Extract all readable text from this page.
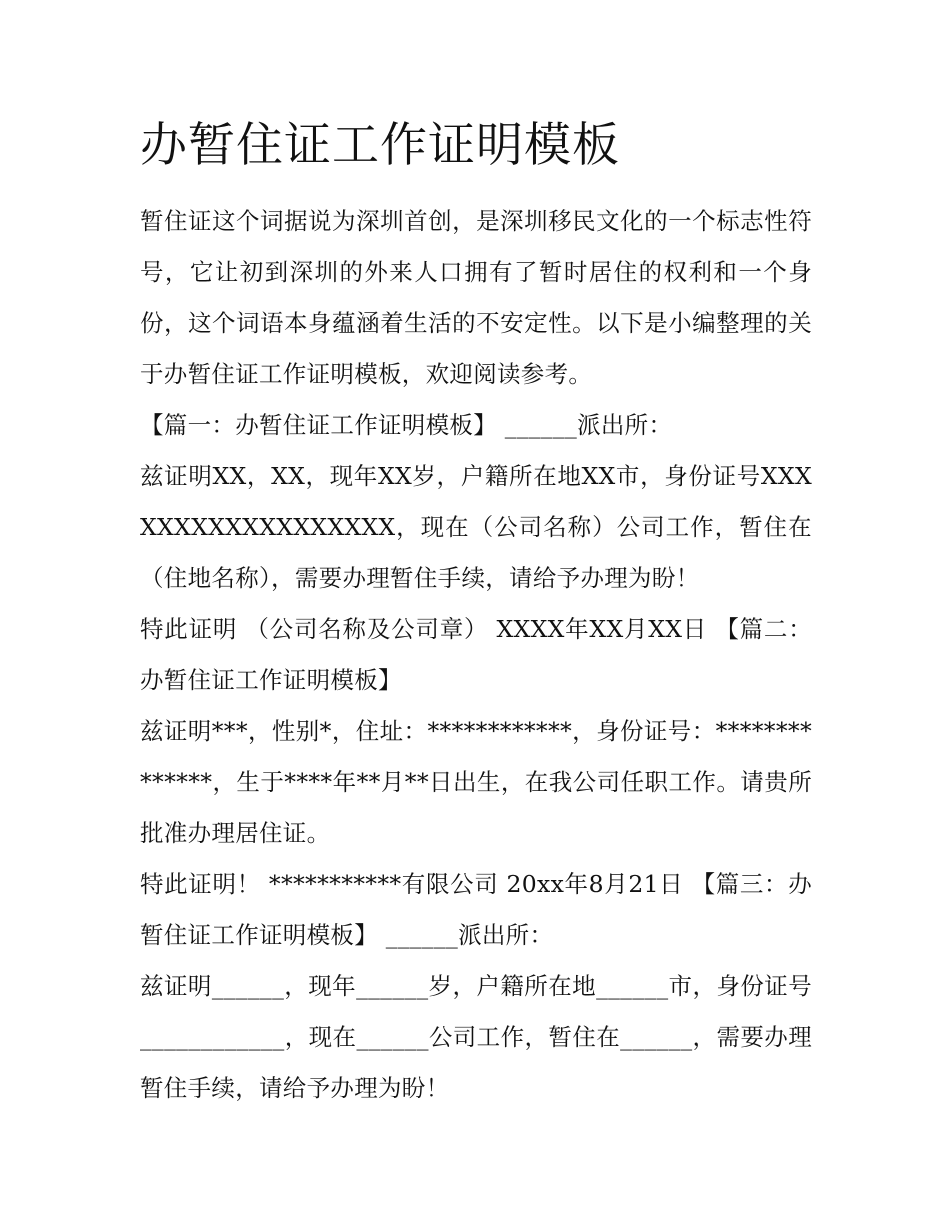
办暂住证工作证明模板

暂住证这个词据说为深圳首创，是深圳移民文化的一个标志性符号，它让初到深圳的外来人口拥有了暂时居住的权利和一个身份，这个词语本身蕴涵着生活的不安定性。以下是小编整理的关于办暂住证工作证明模板，欢迎阅读参考。

【篇一：办暂住证工作证明模板】 ______派出所：

兹证明XX，XX，现年XX岁，户籍所在地XX市，身份证号XXXXXXXXXXXXXXXXXX，现在（公司名称）公司工作，暂住在（住地名称），需要办理暂住手续，请给予办理为盼！

特此证明 （公司名称及公司章） XXXX年XX月XX日 【篇二：办暂住证工作证明模板】

兹证明***，性别*，住址：************，身份证号：**************，生于****年**月**日出生，在我公司任职工作。请贵所批准办理居住证。

特此证明！ ***********有限公司 20xx年8月21日 【篇三：办暂住证工作证明模板】 ______派出所：

兹证明______，现年______岁，户籍所在地______市，身份证号____________，现在______公司工作，暂住在______，需要办理暂住手续，请给予办理为盼！
